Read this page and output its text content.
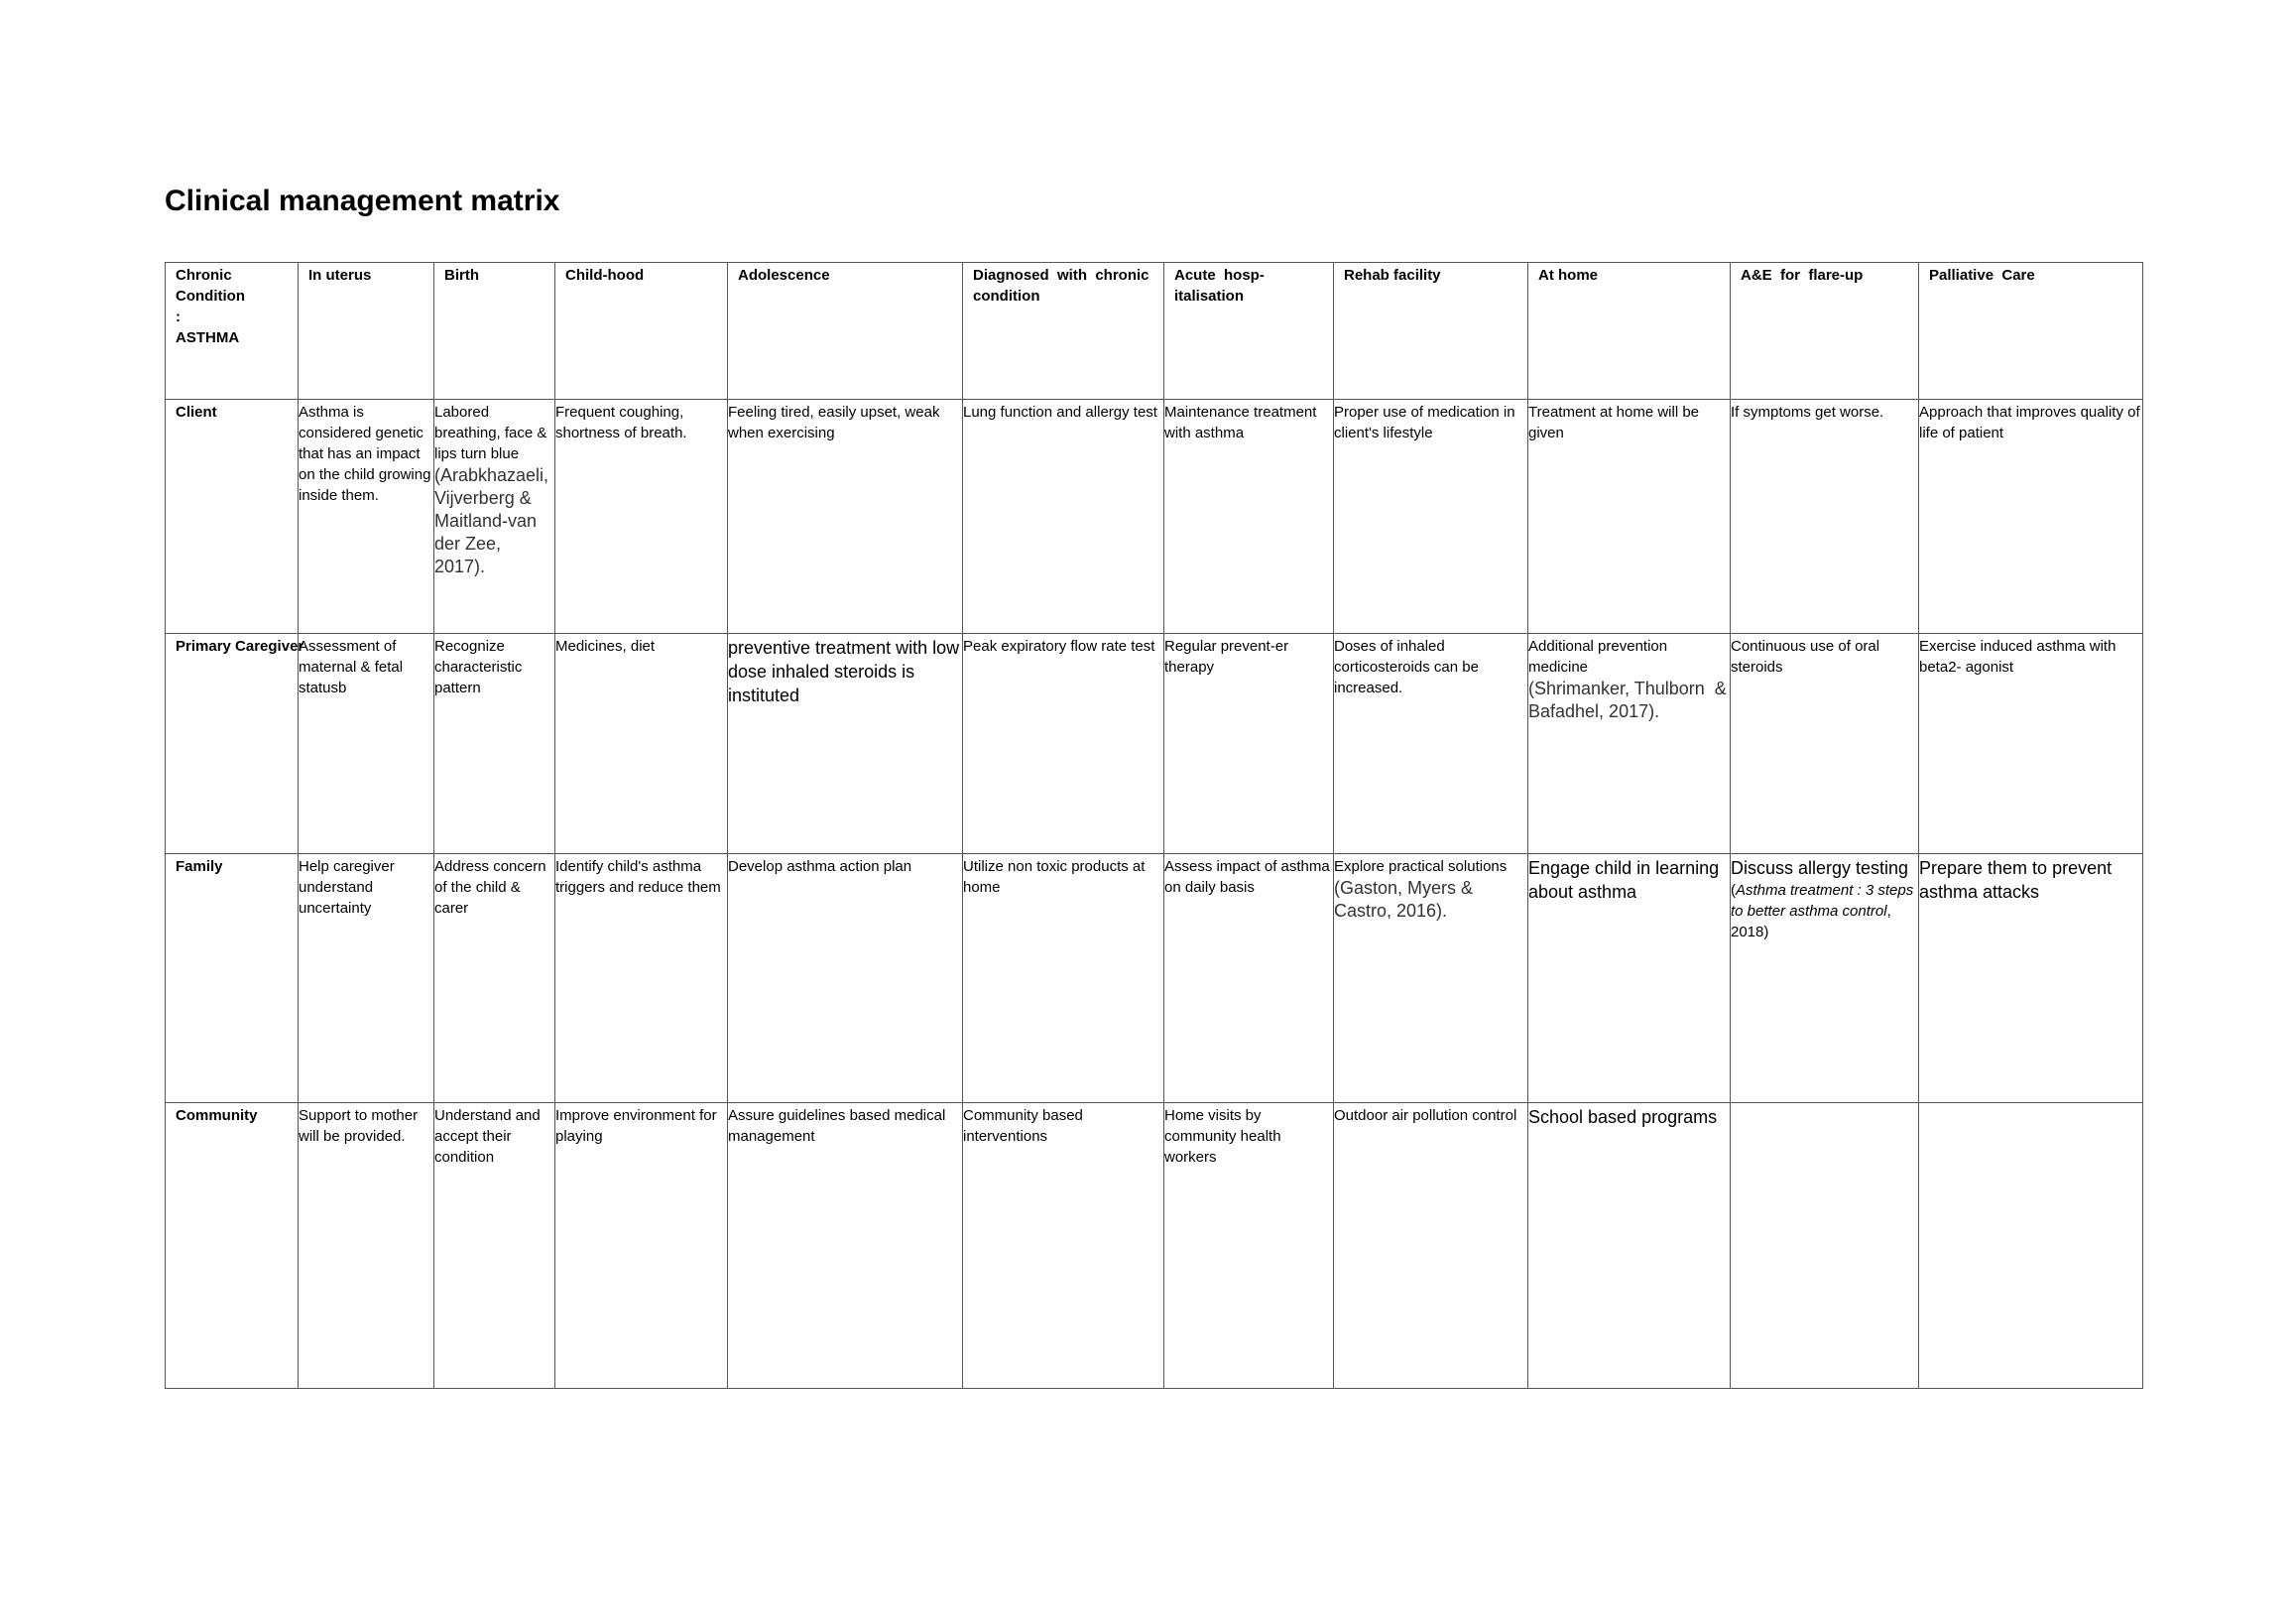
Clinical management matrix
Chronic
Condition
:
ASTHMA	In uterus	Birth	Child-hood	Adolescence	Diagnosed  with  chronic condition	Acute  hosp-
italisation	Rehab facility	At home	A&E  for  flare-up	Palliative  Care

Client	Asthma is considered genetic that has an impact on the child growing inside them.	Labored breathing, face & lips turn blue
(Arabkhazaeli, Vijverberg & Maitland-van der Zee, 2017).	Frequent coughing, shortness of breath.	Feeling tired, easily upset, weak when exercising	Lung function and allergy test	Maintenance treatment with asthma	Proper use of medication in client's lifestyle	Treatment at home will be given	If symptoms get worse.	Approach that improves quality of life of patient

Primary Caregiver	Assessment of maternal & fetal statusb	Recognize characteristic pattern	Medicines, diet	preventive treatment with low dose inhaled steroids is instituted	Peak expiratory flow rate test	Regular prevent-er therapy	Doses of inhaled corticosteroids can be increased.	Additional prevention medicine
(Shrimanker, Thulborn  & Bafadhel, 2017).	Continuous use of oral steroids	Exercise induced asthma with beta2- agonist

Family	Help caregiver understand uncertainty	Address concern of the child & carer	Identify child's asthma triggers and reduce them	Develop asthma action plan	Utilize non toxic products at home	Assess impact of asthma on daily basis	Explore practical solutions
(Gaston, Myers & Castro, 2016).	Engage child in learning about asthma	Discuss allergy testing
(Asthma treatment : 3 steps to better asthma control, 2018)	Prepare them to prevent asthma attacks

Community	Support to mother will be provided.	Understand and accept their condition	Improve environment for playing	Assure guidelines based medical management	Community based interventions	Home visits by community health workers	Outdoor air pollution control	School based programs		
